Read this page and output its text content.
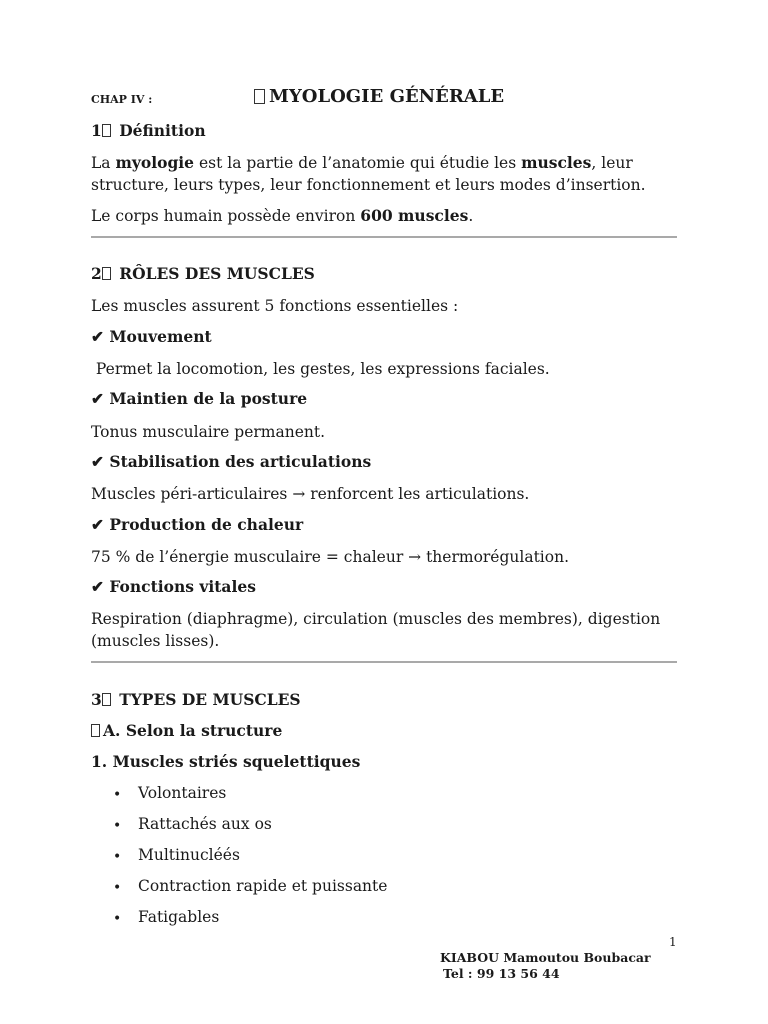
CHAP IV :	MYOLOGIE GÉNÉRALE
1 Définition
La myologie est la partie de l’anatomie qui étudie les muscles, leur structure, leurs types, leur fonctionnement et leurs modes d’insertion.
Le corps humain possède environ 600 muscles.
2 RÔLES DES MUSCLES
Les muscles assurent 5 fonctions essentielles :
✔ Mouvement
Permet la locomotion, les gestes, les expressions faciales.
✔ Maintien de la posture
Tonus musculaire permanent.
✔ Stabilisation des articulations
Muscles péri-articulaires → renforcent les articulations.
✔ Production de chaleur
75 % de l’énergie musculaire = chaleur → thermorégulation.
✔ Fonctions vitales
Respiration (diaphragme), circulation (muscles des membres), digestion (muscles lisses).
3 TYPES DE MUSCLES
A. Selon la structure
1. Muscles striés squelettiques
• Volontaires
• Rattachés aux os
• Multinucléés
• Contraction rapide et puissante
• Fatigables
1
KIABOU Mamoutou Boubacar
Tel : 99 13 56 44
